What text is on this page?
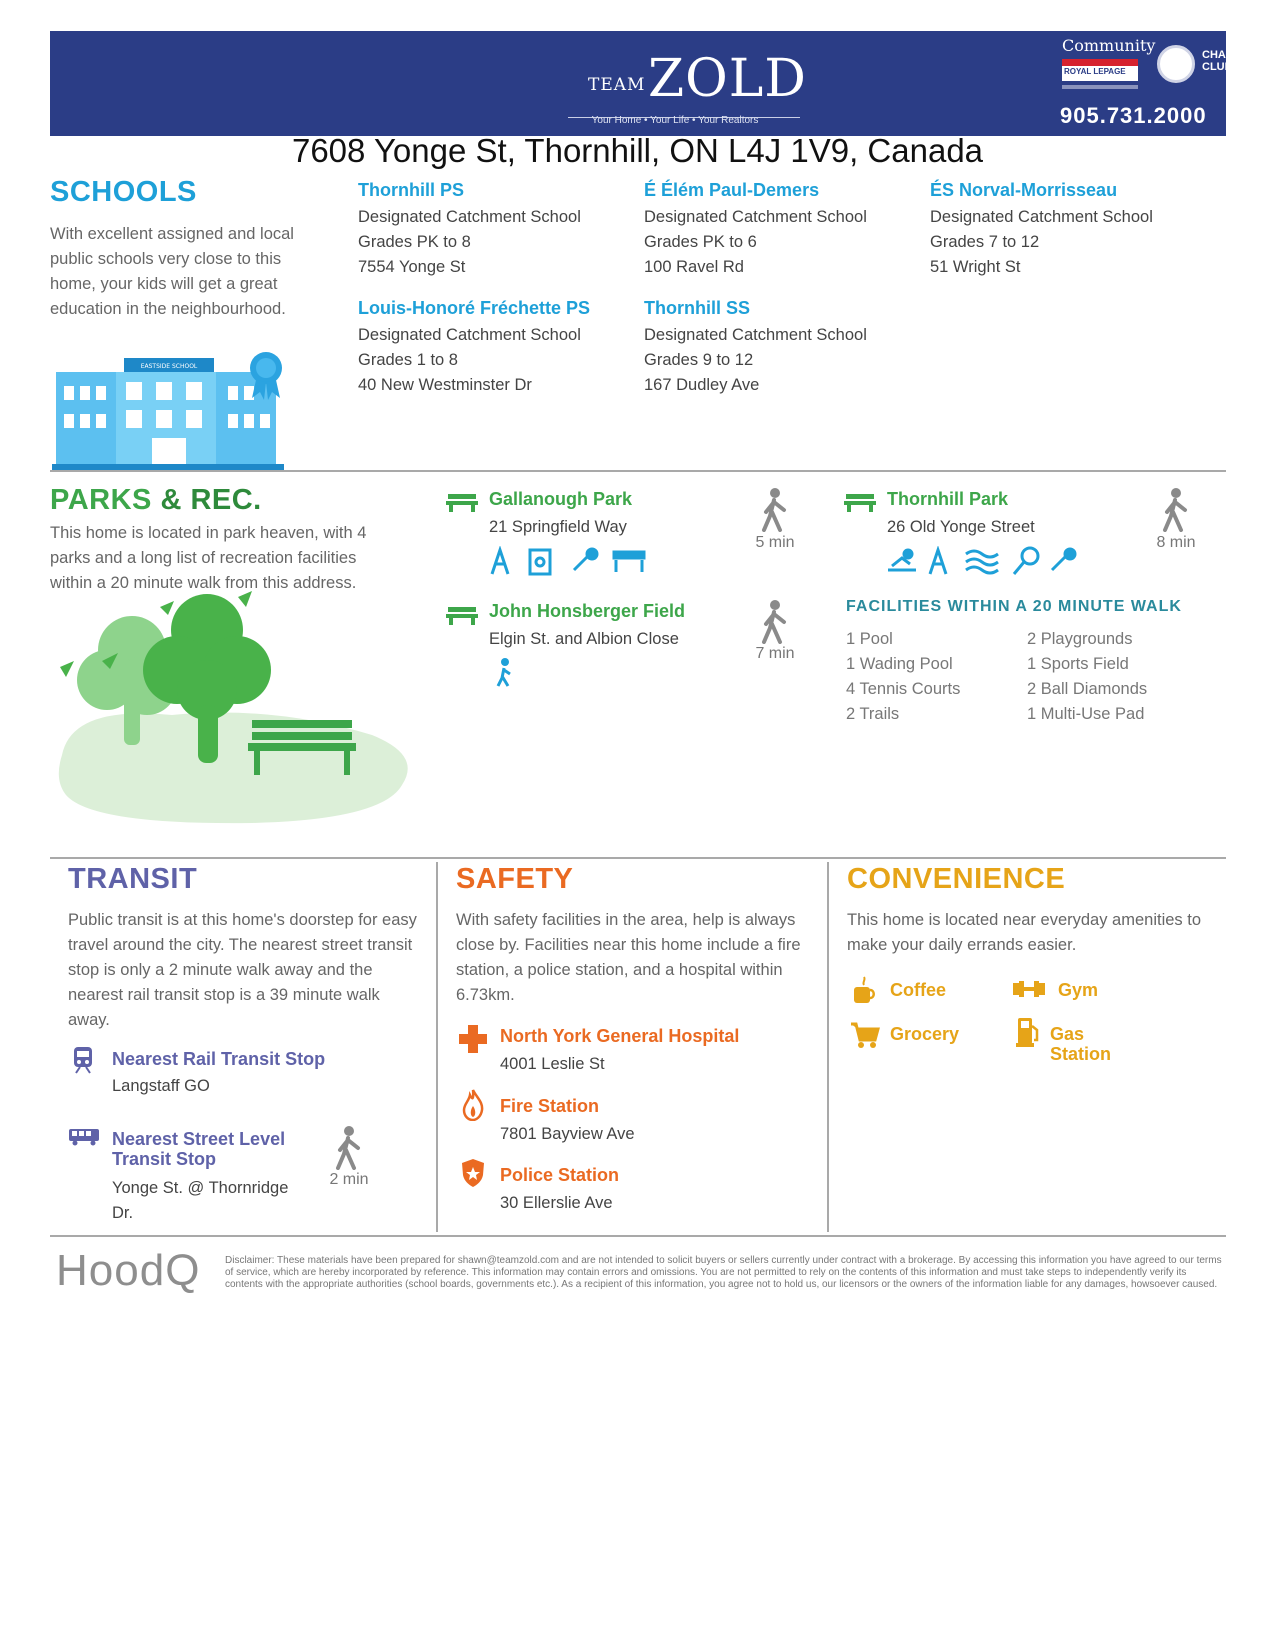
TEAM ZOLD
Your Home • Your Life • Your Realtors
Community
ROYAL LEPAGE
CHAIRMAN'S CLUB
905.731.2000
7608 Yonge St, Thornhill, ON L4J 1V9, Canada
SCHOOLS
With excellent assigned and local public schools very close to this home, your kids will get a great education in the neighbourhood.
EASTSIDE SCHOOL
Thornhill PS
Designated Catchment School
Grades PK to 8
7554 Yonge St
É Élém Paul-Demers
Designated Catchment School
Grades PK to 6
100 Ravel Rd
ÉS Norval-Morrisseau
Designated Catchment School
Grades 7 to 12
51 Wright St
Louis-Honoré Fréchette PS
Designated Catchment School
Grades 1 to 8
40 New Westminster Dr
Thornhill SS
Designated Catchment School
Grades 9 to 12
167 Dudley Ave
PARKS & REC.
This home is located in park heaven, with 4 parks and a long list of recreation facilities within a 20 minute walk from this address.
Gallanough Park
21 Springfield Way
5 min
John Honsberger Field
Elgin St. and Albion Close
7 min
Thornhill Park
26 Old Yonge Street
8 min
FACILITIES WITHIN A 20 MINUTE WALK
1 Pool	2 Playgrounds
1 Wading Pool	1 Sports Field
4 Tennis Courts	2 Ball Diamonds
2 Trails	1 Multi-Use Pad
TRANSIT
Public transit is at this home's doorstep for easy travel around the city. The nearest street transit stop is only a 2 minute walk away and the nearest rail transit stop is a 39 minute walk away.
Nearest Rail Transit Stop
Langstaff GO
Nearest Street Level Transit Stop
Yonge St. @ Thornridge Dr.
2 min
SAFETY
With safety facilities in the area, help is always close by. Facilities near this home include a fire station, a police station, and a hospital within 6.73km.
North York General Hospital
4001 Leslie St
Fire Station
7801 Bayview Ave
Police Station
30 Ellerslie Ave
CONVENIENCE
This home is located near everyday amenities to make your daily errands easier.
Coffee	Gym
Grocery	Gas Station
HoodQ Disclaimer: These materials have been prepared for shawn@teamzold.com and are not intended to solicit buyers or sellers currently under contract with a brokerage. By accessing this information you have agreed to our terms of service, which are hereby incorporated by reference. This information may contain errors and omissions. You are not permitted to rely on the contents of this information and must take steps to independently verify its contents with the appropriate authorities (school boards, governments etc.). As a recipient of this information, you agree not to hold us, our licensors or the owners of the information liable for any damages, howsoever caused.
